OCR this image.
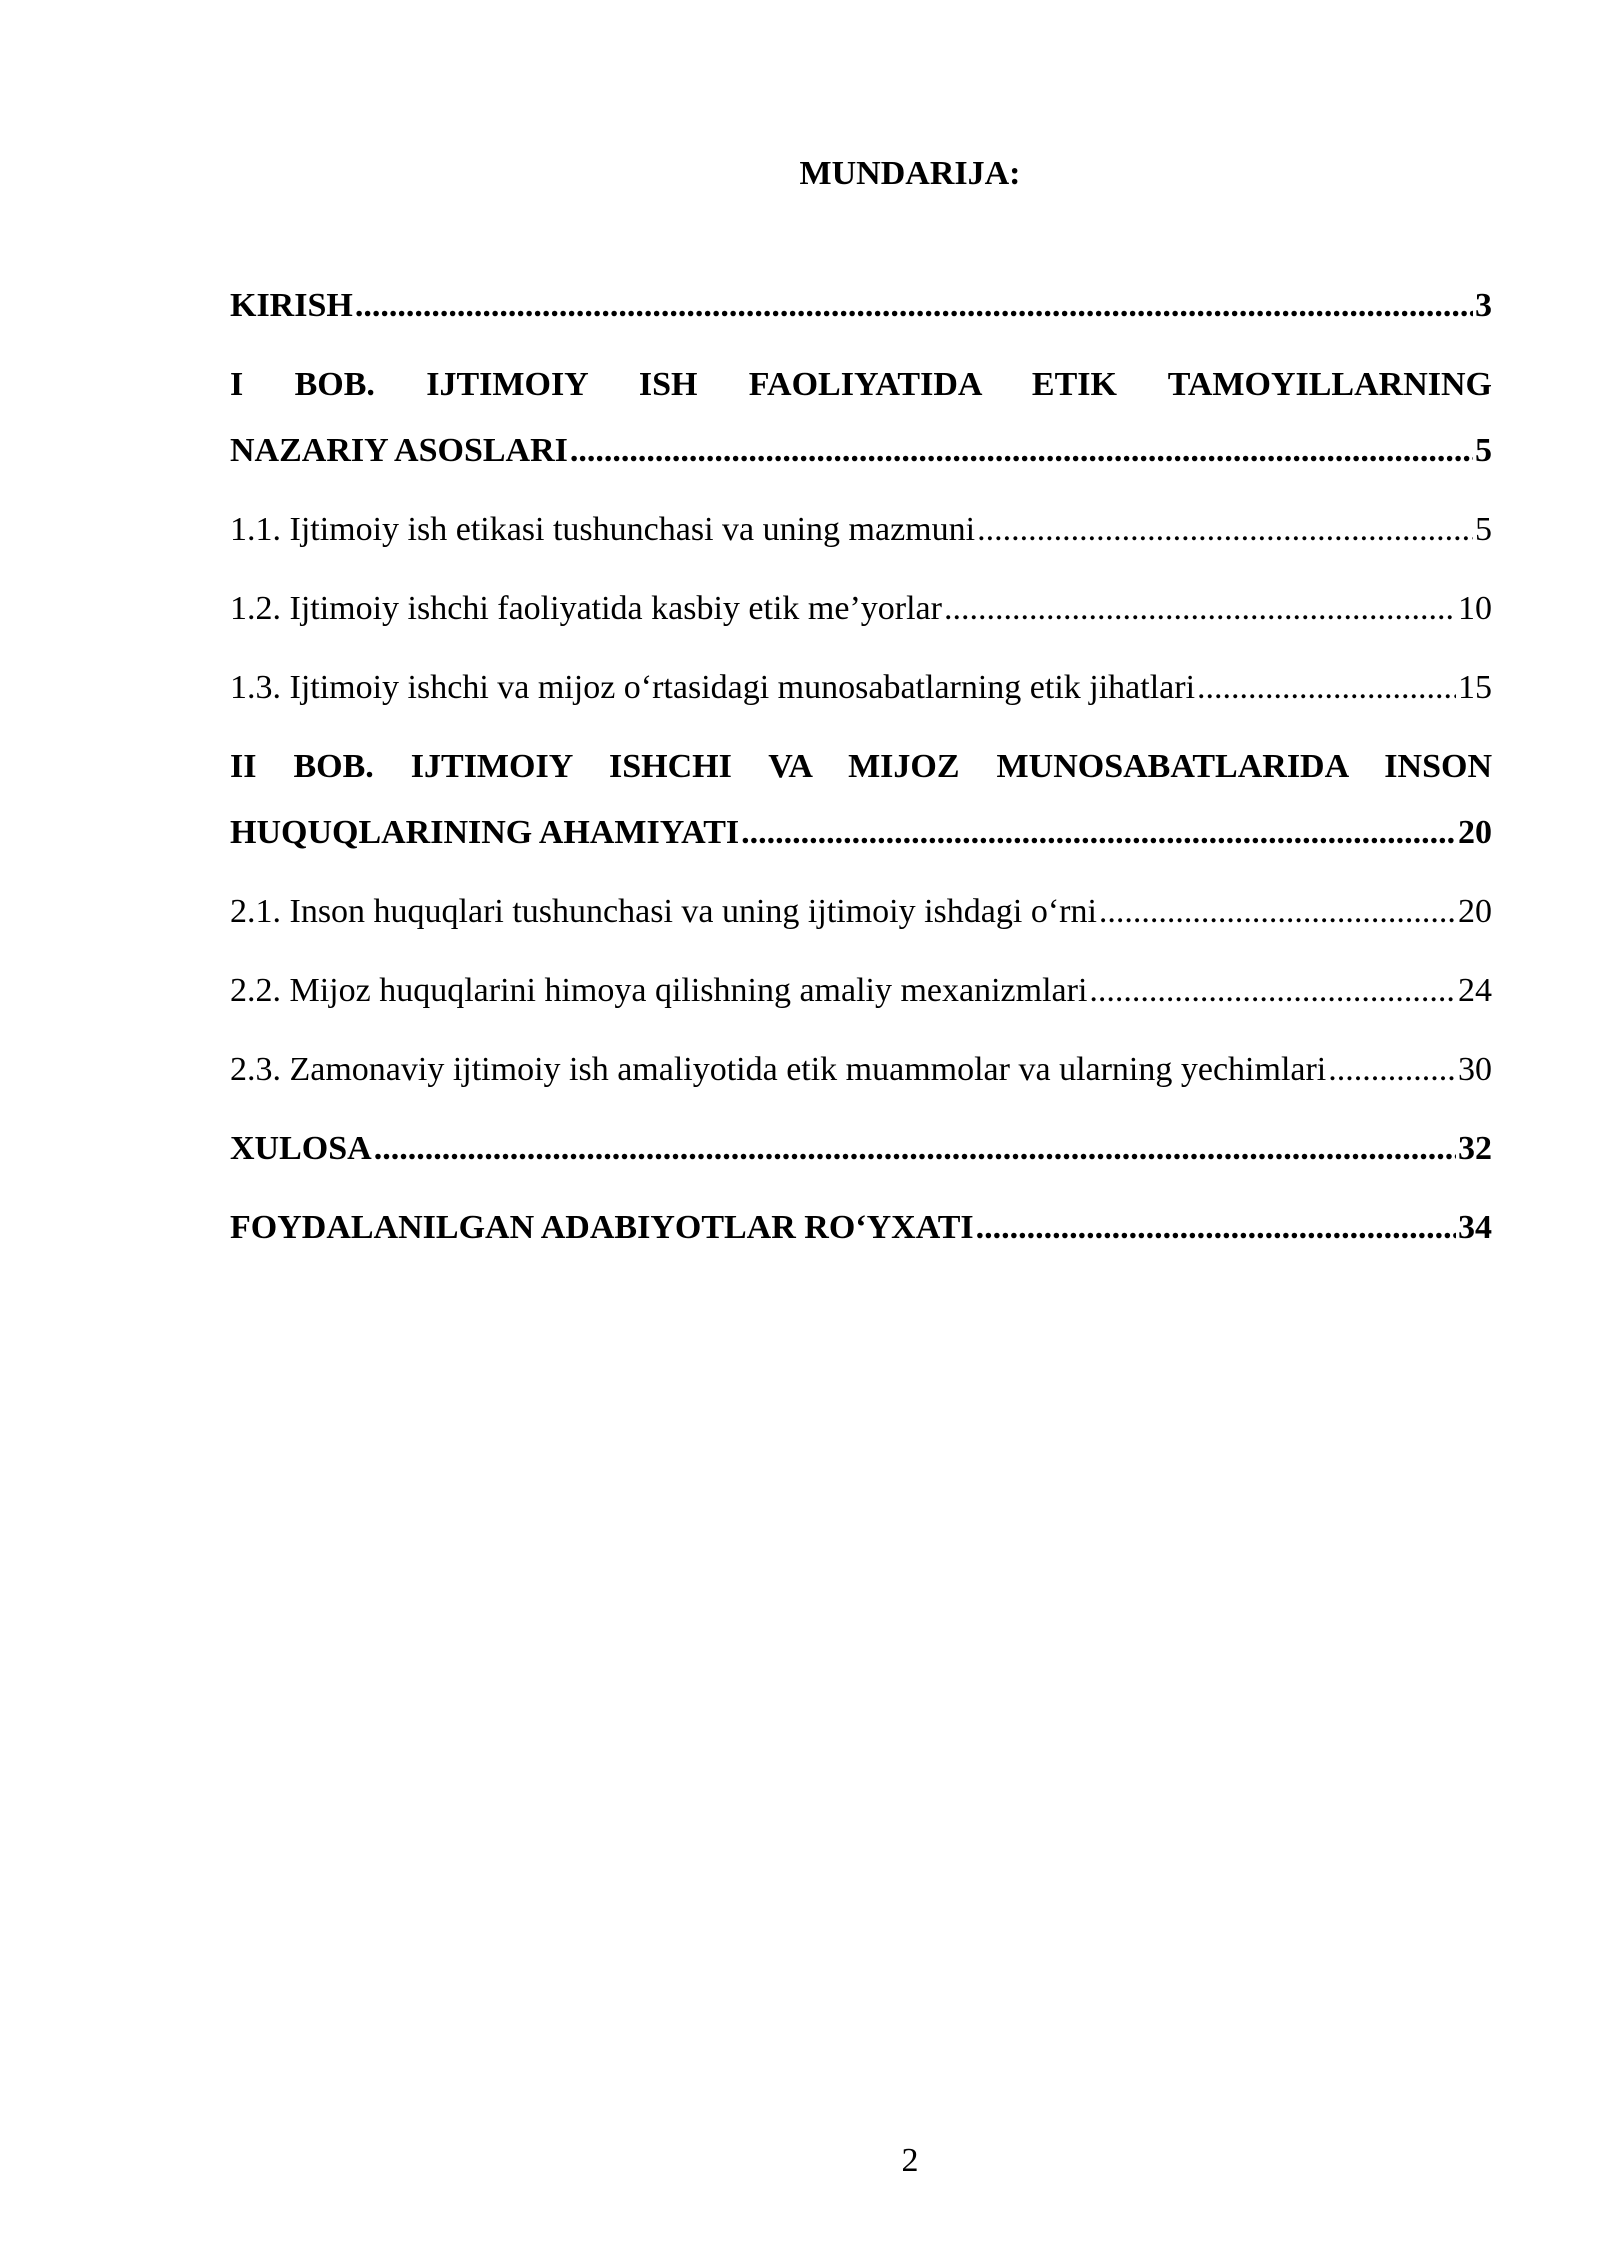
MUNDARIJA:
KIRISH .....	3
I BOB. IJTIMOIY ISH FAOLIYATIDA ETIK TAMOYILLARNING
NAZARIY ASOSLARI .....	5
1.1. Ijtimoiy ish etikasi tushunchasi va uning mazmuni .....	5
1.2. Ijtimoiy ishchi faoliyatida kasbiy etik me’yorlar .....	10
1.3. Ijtimoiy ishchi va mijoz o‘rtasidagi munosabatlarning etik jihatlari .....	15
II BOB. IJTIMOIY ISHCHI VA MIJOZ MUNOSABATLARIDA INSON
HUQUQLARINING AHAMIYATI .....	20
2.1. Inson huquqlari tushunchasi va uning ijtimoiy ishdagi o‘rni .....	20
2.2. Mijoz huquqlarini himoya qilishning amaliy mexanizmlari .....	24
2.3. Zamonaviy ijtimoiy ish amaliyotida etik muammolar va ularning yechimlari .....	30
XULOSA .....	32
FOYDALANILGAN ADABIYOTLAR RO‘YXATI .....	34
2
